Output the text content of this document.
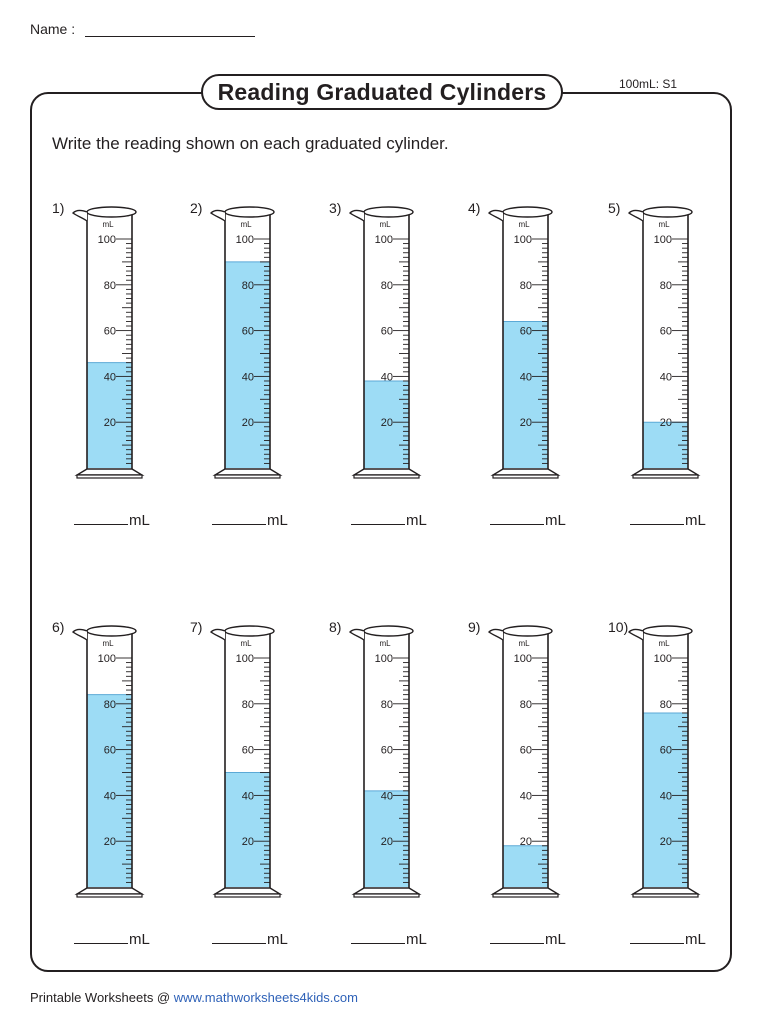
Name :
Reading Graduated Cylinders	100mL: S1
Write the reading shown on each graduated cylinder.
1)
mL
100
80
60
40
20
mL
2)
mL
100
80
60
40
20
mL
3)
mL
100
80
60
40
20
mL
4)
mL
100
80
60
40
20
mL
5)
mL
100
80
60
40
20
mL
6)
mL
100
80
60
40
20
mL
7)
mL
100
80
60
40
20
mL
8)
mL
100
80
60
40
20
mL
9)
mL
100
80
60
40
20
mL
10)
mL
100
80
60
40
20
mL
Printable Worksheets @ www.mathworksheets4kids.com
